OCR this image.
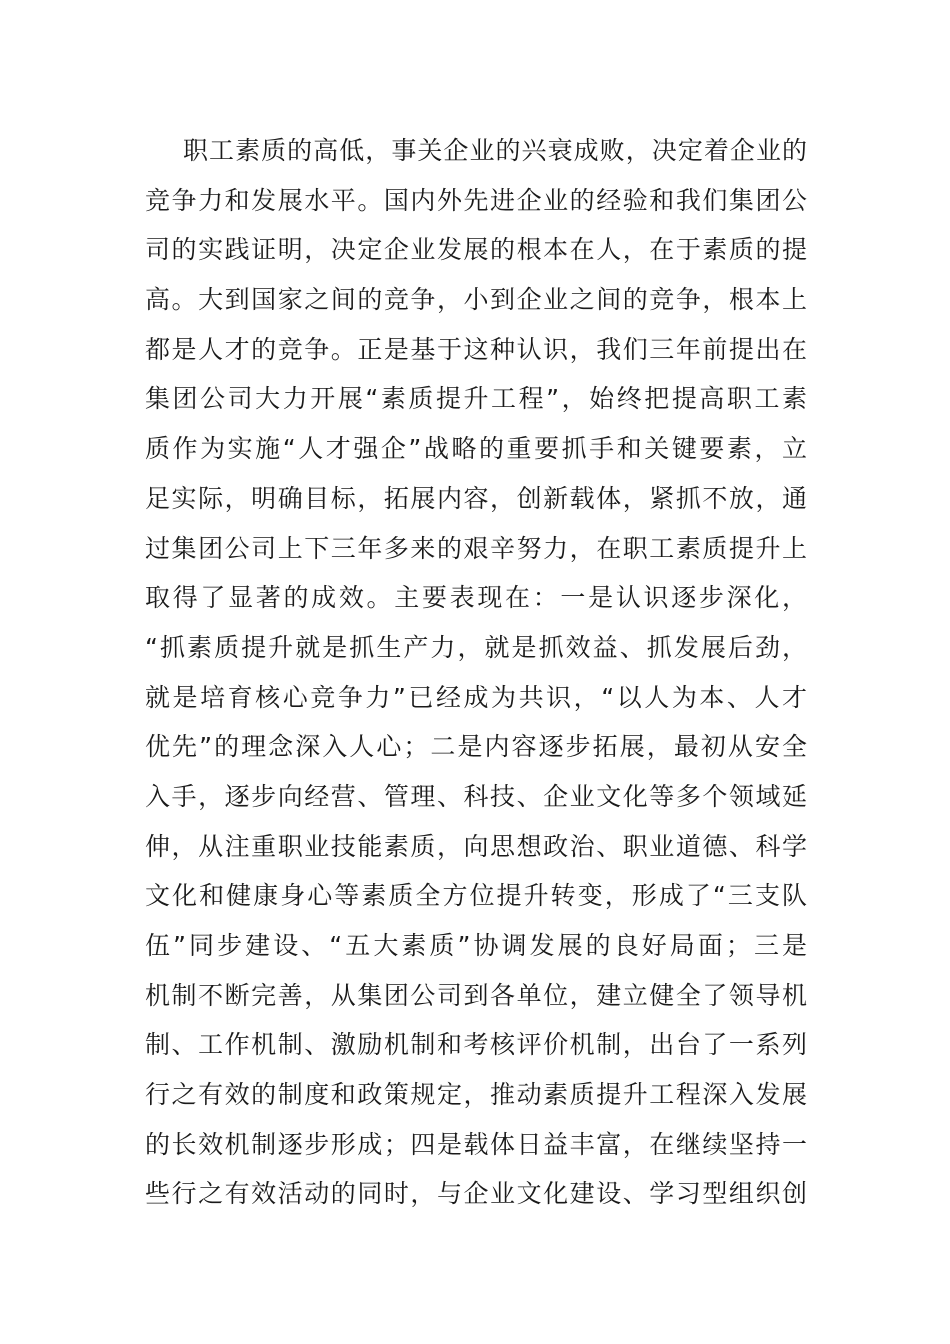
职工素质的高低，事关企业的兴衰成败，决定着企业的
竞争力和发展水平。国内外先进企业的经验和我们集团公
司的实践证明，决定企业发展的根本在人，在于素质的提
高。大到国家之间的竞争，小到企业之间的竞争，根本上
都是人才的竞争。正是基于这种认识，我们三年前提出在
集团公司大力开展“素质提升工程”，始终把提高职工素
质作为实施“人才强企”战略的重要抓手和关键要素，立
足实际，明确目标，拓展内容，创新载体，紧抓不放，通
过集团公司上下三年多来的艰辛努力，在职工素质提升上
取得了显著的成效。主要表现在：一是认识逐步深化，
“抓素质提升就是抓生产力，就是抓效益、抓发展后劲，
就是培育核心竞争力”已经成为共识，“以人为本、人才
优先”的理念深入人心；二是内容逐步拓展，最初从安全
入手，逐步向经营、管理、科技、企业文化等多个领域延
伸，从注重职业技能素质，向思想政治、职业道德、科学
文化和健康身心等素质全方位提升转变，形成了“三支队
伍”同步建设、“五大素质”协调发展的良好局面；三是
机制不断完善，从集团公司到各单位，建立健全了领导机
制、工作机制、激励机制和考核评价机制，出台了一系列
行之有效的制度和政策规定，推动素质提升工程深入发展
的长效机制逐步形成；四是载体日益丰富，在继续坚持一
些行之有效活动的同时，与企业文化建设、学习型组织创
